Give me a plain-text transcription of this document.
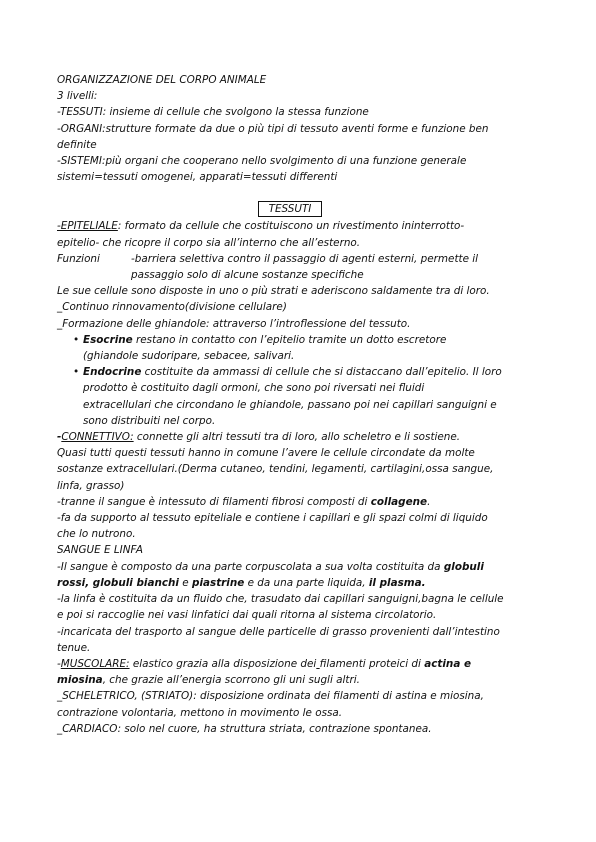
ORGANIZZAZIONE DEL CORPO ANIMALE
3 livelli:
-TESSUTI: insieme di cellule che svolgono la stessa funzione
-ORGANI:strutture formate da due o più tipi di tessuto aventi forme e funzione ben
definite
-SISTEMI:più organi che cooperano nello svolgimento di una funzione generale
sistemi=tessuti omogenei, apparati=tessuti differenti
TESSUTI
-EPITELIALE: formato da cellule che costituiscono un rivestimento ininterrotto-
epitelio- che ricopre il corpo sia all’interno che all’esterno.
Funzioni	-barriera selettiva contro il passaggio di agenti esterni, permette il
passaggio solo di alcune sostanze specifiche
Le sue cellule sono disposte in uno o più strati e aderiscono saldamente tra di loro.
_Continuo rinnovamento(divisione cellulare)
_Formazione delle ghiandole: attraverso l’introflessione del tessuto.
• Esocrine restano in contatto con l’epitelio tramite un dotto escretore
(ghiandole sudoripare, sebacee, salivari.
• Endocrine costituite da ammassi di cellule che si distaccano dall’epitelio. Il loro
prodotto è costituito dagli ormoni, che sono poi riversati nei fluidi
extracellulari che circondano le ghiandole, passano poi nei capillari sanguigni e
sono distribuiti nel corpo.
-CONNETTIVO: connette gli altri tessuti tra di loro, allo scheletro e li sostiene.
Quasi tutti questi tessuti hanno in comune l’avere le cellule circondate da molte
sostanze extracellulari.(Derma cutaneo, tendini, legamenti, cartilagini,ossa sangue,
linfa, grasso)
-tranne il sangue è intessuto di filamenti fibrosi composti di collagene.
-fa da supporto al tessuto epiteliale e contiene i capillari e gli spazi colmi di liquido
che lo nutrono.
SANGUE E LINFA
-Il sangue è composto da una parte corpuscolata a sua volta costituita da globuli
rossi, globuli bianchi e piastrine e da una parte liquida, il plasma.
-la linfa è costituita da un fluido che, trasudato dai capillari sanguigni,bagna le cellule
e poi si raccoglie nei vasi linfatici dai quali ritorna al sistema circolatorio.
-incaricata del trasporto al sangue delle particelle di grasso provenienti dall’intestino
tenue.
-MUSCOLARE: elastico grazia alla disposizione dei filamenti proteici di actina e
miosina, che grazie all’energia scorrono gli uni sugli altri.
_SCHELETRICO, (STRIATO): disposizione ordinata dei filamenti di astina e miosina,
contrazione volontaria, mettono in movimento le ossa.
_CARDIACO: solo nel cuore, ha struttura striata, contrazione spontanea.
